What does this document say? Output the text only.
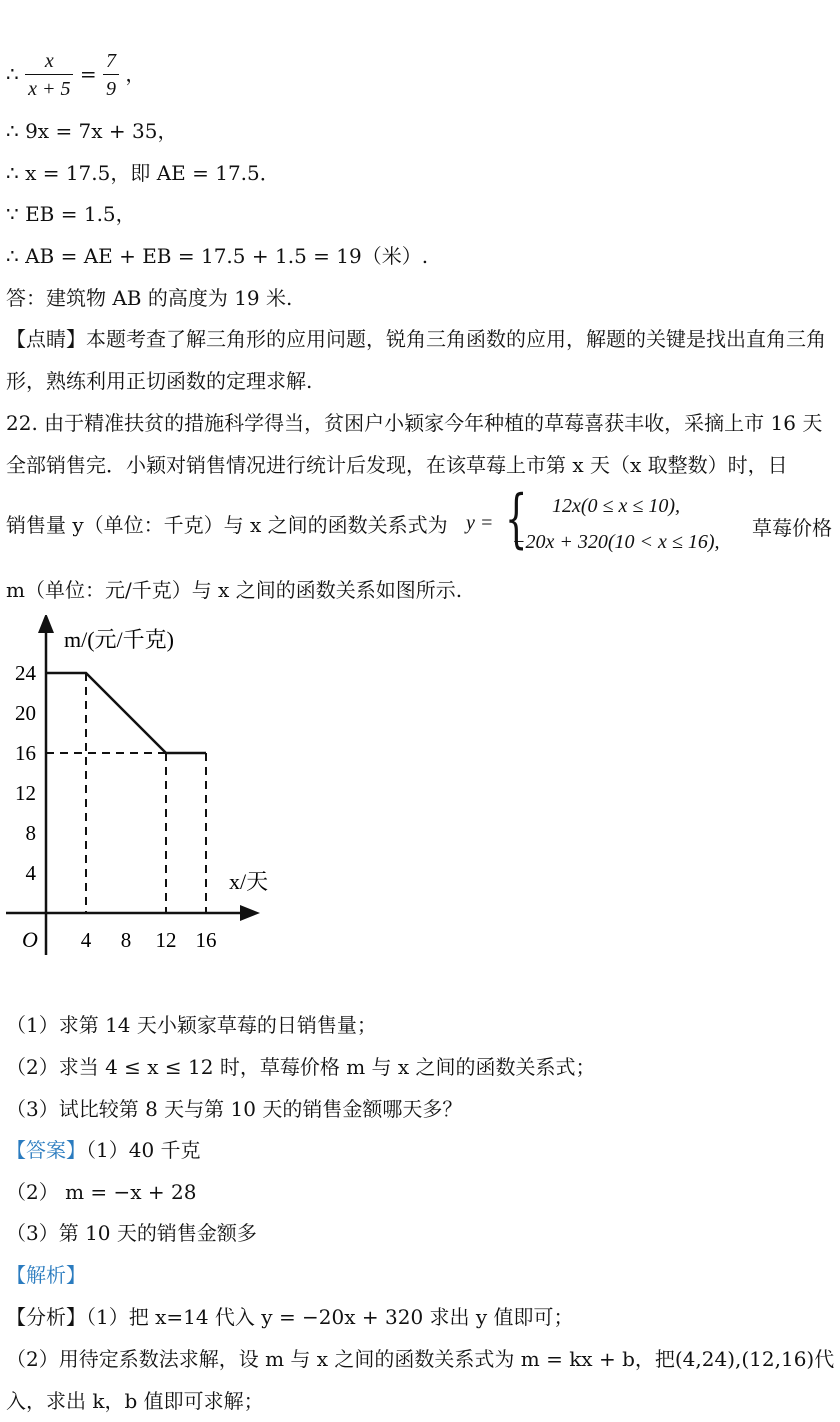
∴ $\frac{x}{x + 5} = \frac{7}{9}$ ，
∴ 9x = 7x + 35，
∴ x = 17.5，即 AE = 17.5．
∵ EB = 1.5，
∴ AB = AE + EB = 17.5 + 1.5 = 19（米）.
答：建筑物 AB 的高度为 19 米.
【点睛】本题考查了解三角形的应用问题，锐角三角函数的应用，解题的关键是找出直角三角形，熟练利用正切函数的定理求解.
22. 由于精准扶贫的措施科学得当，贫困户小颖家今年种植的草莓喜获丰收，采摘上市 16 天全部销售完．小颖对销售情况进行统计后发现，在该草莓上市第 x 天（x 取整数）时，日
销售量 y（单位：千克）与 x 之间的函数关系式为 y = { 12x(0 ≤ x ≤ 10),
−20x + 320(10 < x ≤ 16),
草莓价格
m（单位：元/千克）与 x 之间的函数关系如图所示.
4 8 12 16
4
8
12
16
20
24
O
m/(元/千克)
x/天
（1）求第 14 天小颖家草莓的日销售量；
（2）求当 4 ≤ x ≤ 12 时，草莓价格 m 与 x 之间的函数关系式；
（3）试比较第 8 天与第 10 天的销售金额哪天多？
【答案】（1）40 千克
（2） m = −x + 28
（3）第 10 天的销售金额多
【解析】
【分析】（1）把 x=14 代入 y = −20x + 320 求出 y 值即可；
（2）用待定系数法求解，设 m 与 x 之间的函数关系式为 m = kx + b，把(4,24),(12,16)代入，求出 k，b 值即可求解；
